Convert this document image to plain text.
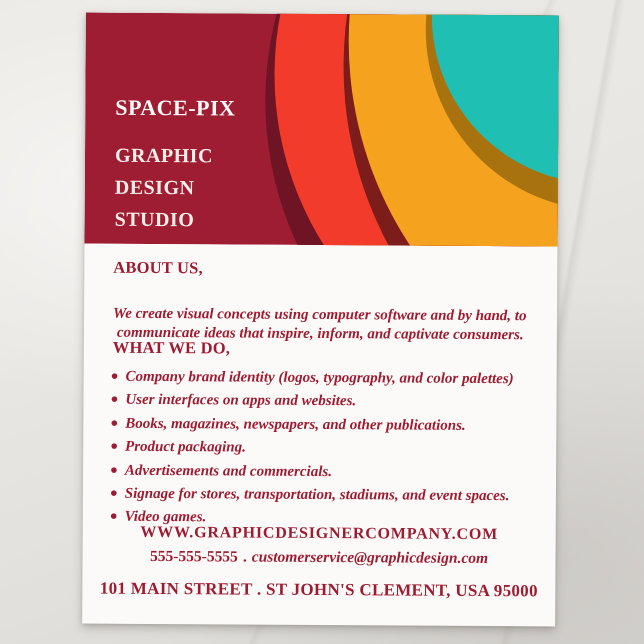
SPACE-PIX
GRAPHIC
DESIGN
STUDIO
ABOUT US,

We create visual concepts using computer software and by hand, to
communicate ideas that inspire, inform, and captivate consumers.

WHAT WE DO,
● Company brand identity (logos, typography, and color palettes)
● User interfaces on apps and websites.
● Books, magazines, newspapers, and other publications.
● Product packaging.
● Advertisements and commercials.
● Signage for stores, transportation, stadiums, and event spaces.
● Video games.
WWW.GRAPHICDESIGNERCOMPANY.COM
555-555-5555 . customerservice@graphicdesign.com
101 MAIN STREET . ST JOHN'S CLEMENT, USA 95000
